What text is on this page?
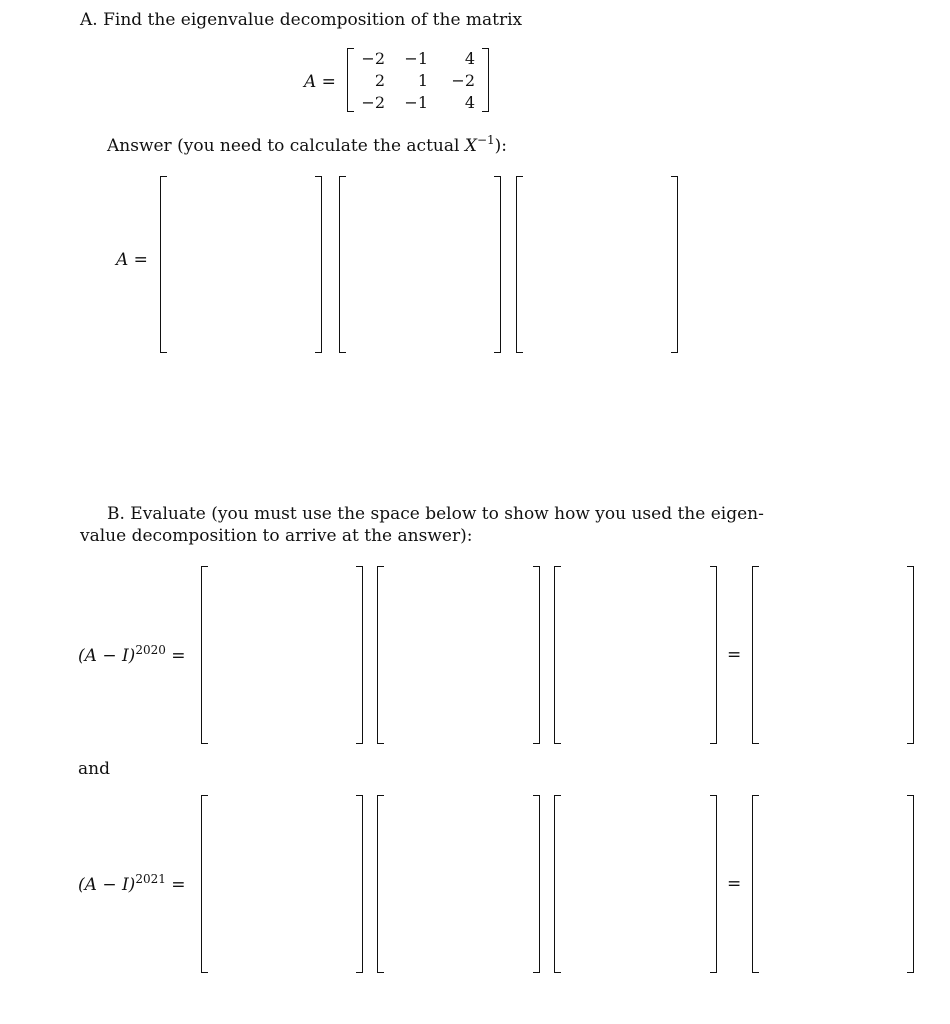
A. Find the eigenvalue decomposition of the matrix
A =
−2	−1	4
2	1	−2
−2	−1	4
Answer (you need to calculate the actual $X^{-1}$):
A =
B. Evaluate (you must use the space below to show how you used the eigen-
value decomposition to arrive at the answer):
$(A - I)^{2020}$ =	=
and
$(A - I)^{2021}$ =	=
